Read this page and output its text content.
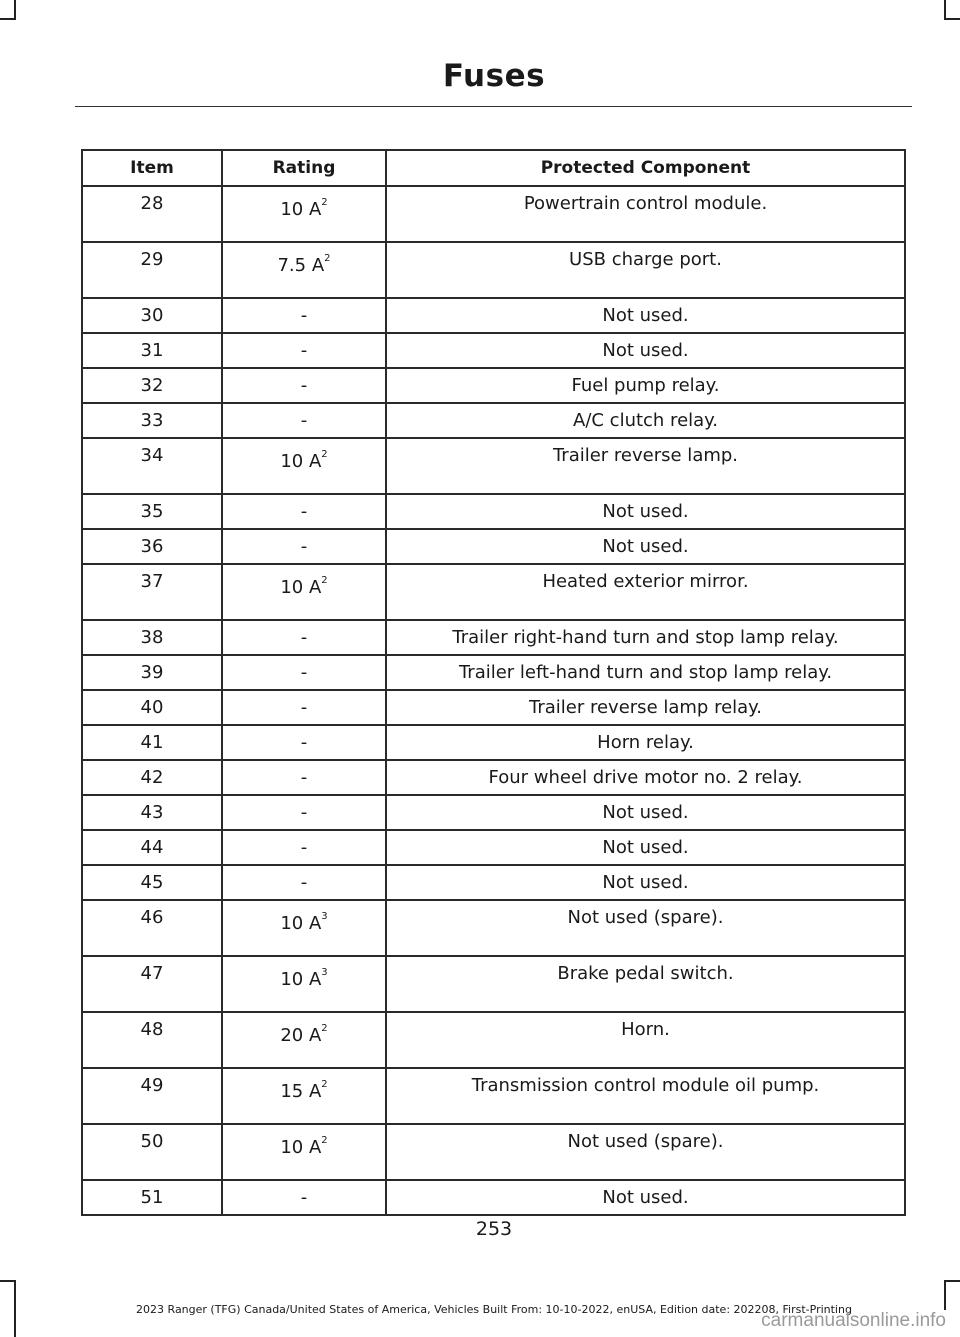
Fuses
Item	Rating	Protected Component
28	10 $A^2$	Powertrain control module.
29	7.5 $A^2$	USB charge port.
30	-	Not used.
31	-	Not used.
32	-	Fuel pump relay.
33	-	A/C clutch relay.
34	10 $A^2$	Trailer reverse lamp.
35	-	Not used.
36	-	Not used.
37	10 $A^2$	Heated exterior mirror.
38	-	Trailer right-hand turn and stop lamp relay.
39	-	Trailer left-hand turn and stop lamp relay.
40	-	Trailer reverse lamp relay.
41	-	Horn relay.
42	-	Four wheel drive motor no. 2 relay.
43	-	Not used.
44	-	Not used.
45	-	Not used.
46	10 $A^3$	Not used (spare).
47	10 $A^3$	Brake pedal switch.
48	20 $A^2$	Horn.
49	15 $A^2$	Transmission control module oil pump.
50	10 $A^2$	Not used (spare).
51	-	Not used.
253
2023 Ranger (TFG) Canada/United States of America, Vehicles Built From: 10-10-2022, enUSA, Edition date: 202208, First-Printing
carmanualsonline.info
